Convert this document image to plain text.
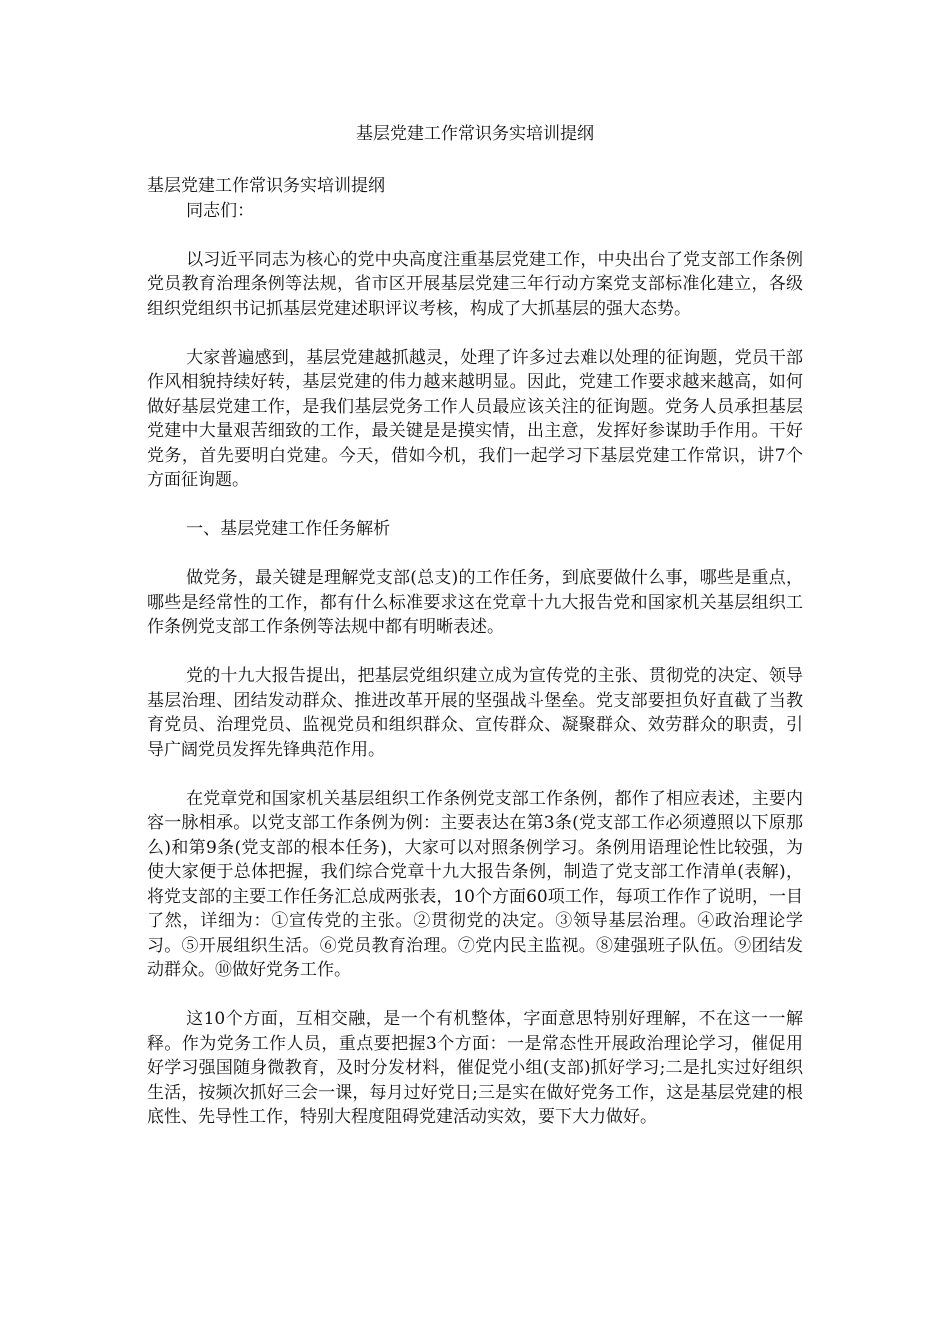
基层党建工作常识务实培训提纲

基层党建工作常识务实培训提纲

同志们：

以习近平同志为核心的党中央高度注重基层党建工作，中央出台了党支部工作条例党员教育治理条例等法规，省市区开展基层党建三年行动方案党支部标准化建立，各级组织党组织书记抓基层党建述职评议考核，构成了大抓基层的强大态势。

大家普遍感到，基层党建越抓越灵，处理了许多过去难以处理的征询题，党员干部作风相貌持续好转，基层党建的伟力越来越明显。因此，党建工作要求越来越高，如何做好基层党建工作，是我们基层党务工作人员最应该关注的征询题。党务人员承担基层党建中大量艰苦细致的工作，最关键是是摸实情，出主意，发挥好参谋助手作用。干好党务，首先要明白党建。今天，借如今机，我们一起学习下基层党建工作常识，讲7个方面征询题。

一、基层党建工作任务解析

做党务，最关键是理解党支部(总支)的工作任务，到底要做什么事，哪些是重点，哪些是经常性的工作，都有什么标准要求这在党章十九大报告党和国家机关基层组织工作条例党支部工作条例等法规中都有明晰表述。

党的十九大报告提出，把基层党组织建立成为宣传党的主张、贯彻党的决定、领导基层治理、团结发动群众、推进改革开展的坚强战斗堡垒。党支部要担负好直截了当教育党员、治理党员、监视党员和组织群众、宣传群众、凝聚群众、效劳群众的职责，引导广阔党员发挥先锋典范作用。

在党章党和国家机关基层组织工作条例党支部工作条例，都作了相应表述，主要内容一脉相承。以党支部工作条例为例：主要表达在第3条(党支部工作必须遵照以下原那么)和第9条(党支部的根本任务)，大家可以对照条例学习。条例用语理论性比较强，为使大家便于总体把握，我们综合党章十九大报告条例，制造了党支部工作清单(表解)，将党支部的主要工作任务汇总成两张表，10个方面60项工作，每项工作作了说明，一目了然，详细为：①宣传党的主张。②贯彻党的决定。③领导基层治理。④政治理论学习。⑤开展组织生活。⑥党员教育治理。⑦党内民主监视。⑧建强班子队伍。⑨团结发动群众。⑩做好党务工作。

这10个方面，互相交融，是一个有机整体，字面意思特别好理解，不在这一一解释。作为党务工作人员，重点要把握3个方面：一是常态性开展政治理论学习，催促用好学习强国随身微教育，及时分发材料，催促党小组(支部)抓好学习;二是扎实过好组织生活，按频次抓好三会一课，每月过好党日;三是实在做好党务工作，这是基层党建的根底性、先导性工作，特别大程度阻碍党建活动实效，要下大力做好。
